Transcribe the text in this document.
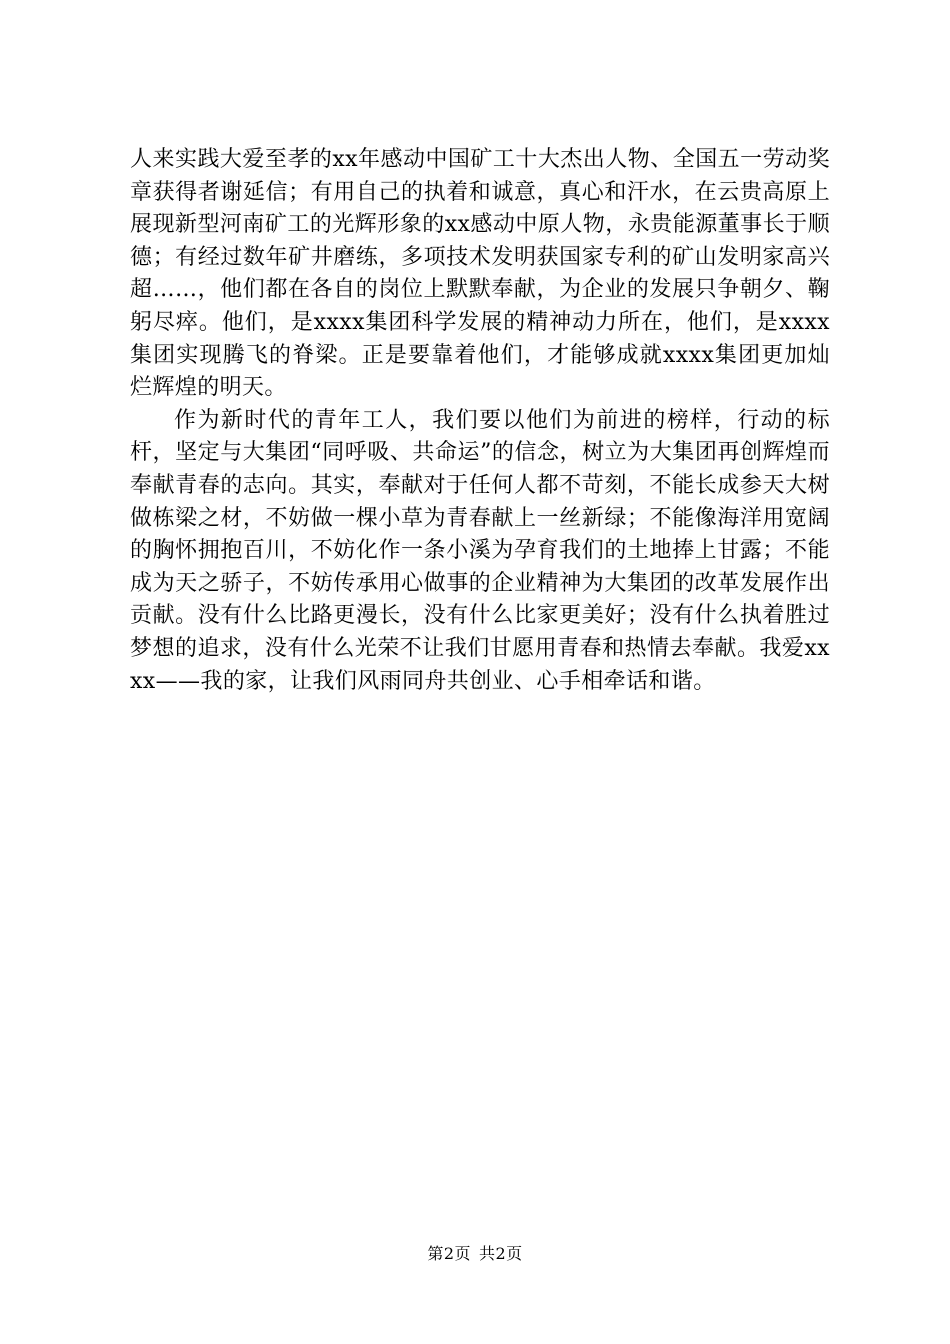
人来实践大爱至孝的xx年感动中国矿工十大杰出人物、全国五一劳动奖章获得者谢延信；有用自己的执着和诚意，真心和汗水，在云贵高原上展现新型河南矿工的光辉形象的xx感动中原人物，永贵能源董事长于顺德；有经过数年矿井磨练，多项技术发明获国家专利的矿山发明家高兴超……，他们都在各自的岗位上默默奉献，为企业的发展只争朝夕、鞠躬尽瘁。他们，是xxxx集团科学发展的精神动力所在，他们，是xxxx集团实现腾飞的脊梁。正是要靠着他们，才能够成就xxxx集团更加灿烂辉煌的明天。

作为新时代的青年工人，我们要以他们为前进的榜样，行动的标杆，坚定与大集团“同呼吸、共命运”的信念，树立为大集团再创辉煌而奉献青春的志向。其实，奉献对于任何人都不苛刻，不能长成参天大树做栋梁之材，不妨做一棵小草为青春献上一丝新绿；不能像海洋用宽阔的胸怀拥抱百川，不妨化作一条小溪为孕育我们的土地捧上甘露；不能成为天之骄子，不妨传承用心做事的企业精神为大集团的改革发展作出贡献。没有什么比路更漫长，没有什么比家更美好；没有什么执着胜过梦想的追求，没有什么光荣不让我们甘愿用青春和热情去奉献。我爱xxxx——我的家，让我们风雨同舟共创业、心手相牵话和谐。

第2页 共2页
